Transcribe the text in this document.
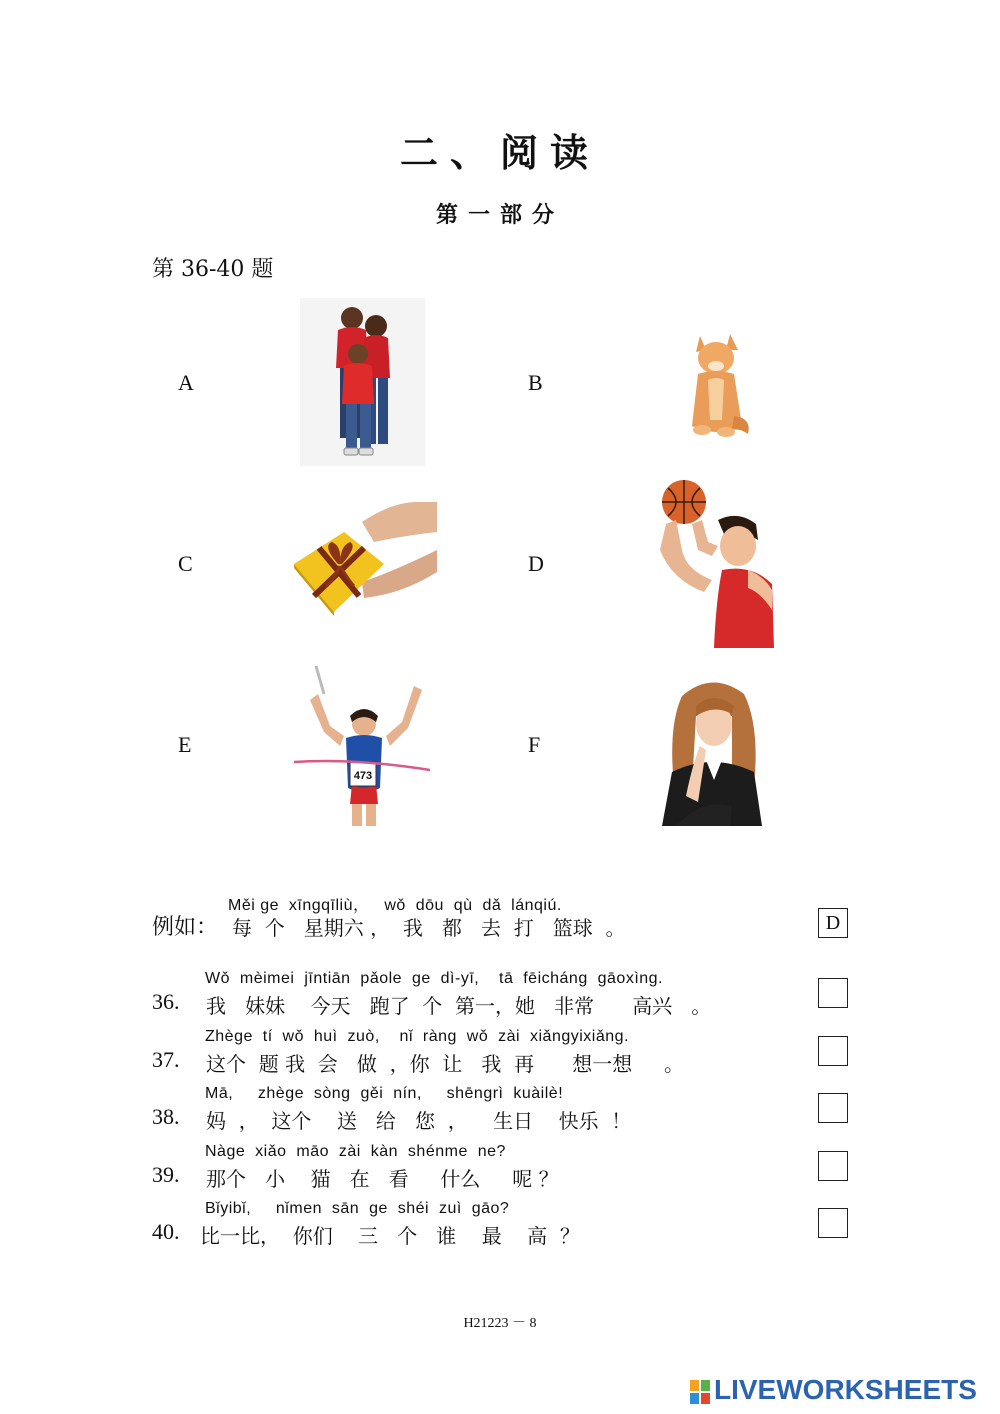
二、阅读
第一部分
第 36-40 题
A	B
C	D
E	F
473
Měi ge  xīngqīliù，   wǒ  dōu  qù  dǎ  lánqiú.
例如： 每  个   星期六 ，  我   都   去  打   篮球  。	D
Wǒ  mèimei  jīntiān  pǎole  ge  dì-yī,    tā  fēicháng  gāoxìng.
36. 我   妹妹    今天   跑了  个  第一，她   非常      高兴   。
Zhège  tí  wǒ  huì  zuò,    nǐ  ràng  wǒ  zài  xiǎngyixiǎng.
37. 这个  题 我  会   做  ，你  让   我  再      想一想     。
Mā,     zhège  sòng  gěi  nín,     shēngrì  kuàilè!
38. 妈  ，  这个    送   给   您  ，    生日    快乐  ！
Nàge  xiǎo  māo  zài  kàn  shénme  ne?
39. 那个   小    猫   在   看     什么     呢 ？
Bǐyibǐ,     nǐmen  sān  ge  shéi  zuì  gāo?
40. 比一比，  你们    三   个   谁    最    高  ？
H21223 － 8
LIVEWORKSHEETS
